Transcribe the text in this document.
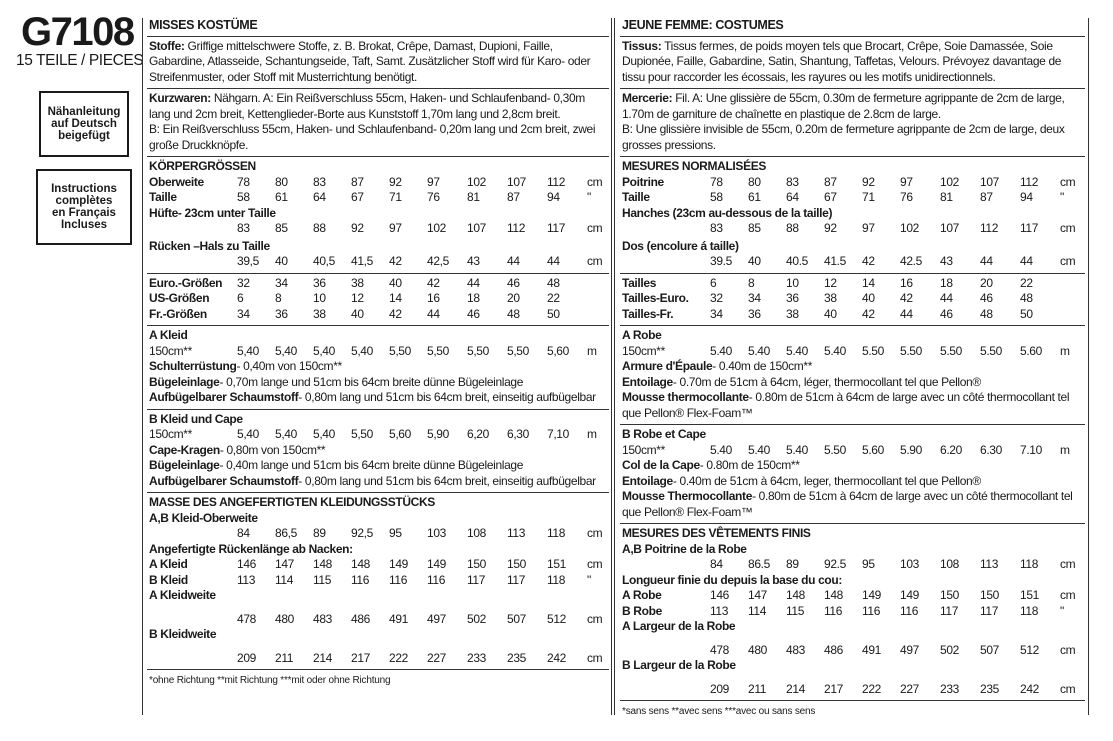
G7108
15 TEILE / PIECES
Nähanleitung
auf Deutsch
beigefügt
Instructions
complètes
en Français
Incluses
MISSES KOSTÜME
Stoffe: Griffige mittelschwere Stoffe, z. B. Brokat, Crêpe, Damast, Dupioni, Faille, Gabardine, Atlasseide, Schantungseide, Taft, Samt. Zusätzlicher Stoff wird für Karo- oder Streifenmuster, oder Stoff mit Musterrichtung benötigt.
Kurzwaren: Nähgarn. A: Ein Reißverschluss 55cm, Haken- und Schlaufenband- 0,30m lang und 2cm breit, Kettenglieder-Borte aus Kunststoff 1,70m lang und 2,8cm breit.
B: Ein Reißverschluss 55cm, Haken- und Schlaufenband- 0,20m lang und 2cm breit, zwei große Druckknöpfe.
KÖRPERGRÖSSEN
Oberweite	78	80	83	87	92	97	102	107	112	cm
Taille	58	61	64	67	71	76	81	87	94	"
Hüfte- 23cm unter Taille
83	85	88	92	97	102	107	112	117	cm
Rücken –Hals zu Taille
39,5	40	40,5	41,5	42	42,5	43	44	44	cm
Euro.-Größen	32	34	36	38	40	42	44	46	48
US-Größen	6	8	10	12	14	16	18	20	22
Fr.-Größen	34	36	38	40	42	44	46	48	50
A Kleid
150cm**	5,40	5,40	5,40	5,40	5,50	5,50	5,50	5,50	5,60	m
Schulterrüstung- 0,40m von 150cm**
Bügeleinlage- 0,70m lange und 51cm bis 64cm breite dünne Bügeleinlage
Aufbügelbarer Schaumstoff- 0,80m lang und 51cm bis 64cm breit, einseitig aufbügelbar
B Kleid und Cape
150cm**	5,40	5,40	5,40	5,50	5,60	5,90	6,20	6,30	7,10	m
Cape-Kragen- 0,80m von 150cm**
Bügeleinlage- 0,40m lange und 51cm bis 64cm breite dünne Bügeleinlage
Aufbügelbarer Schaumstoff- 0,80m lang und 51cm bis 64cm breit, einseitig aufbügelbar
MASSE DES ANGEFERTIGTEN KLEIDUNGSSTÜCKS
A,B Kleid-Oberweite
84	86,5	89	92,5	95	103	108	113	118	cm
Angefertigte Rückenlänge ab Nacken:
A Kleid	146	147	148	148	149	149	150	150	151	cm
B Kleid	113	114	115	116	116	116	117	117	118	"
A Kleidweite
478	480	483	486	491	497	502	507	512	cm
B Kleidweite
209	211	214	217	222	227	233	235	242	cm
*ohne Richtung **mit Richtung ***mit oder ohne Richtung
JEUNE FEMME: COSTUMES
Tissus: Tissus fermes, de poids moyen tels que Brocart, Crêpe, Soie Damassée, Soie Dupionée, Faille, Gabardine, Satin, Shantung, Taffetas, Velours. Prévoyez davantage de tissu pour raccorder les écossais, les rayures ou les motifs unidirectionnels.
Mercerie: Fil. A: Une glissière de 55cm, 0.30m de fermeture agrippante de 2cm de large, 1.70m de garniture de chaînette en plastique de 2.8cm de large.
B: Une glissière invisible de 55cm, 0.20m de fermeture agrippante de 2cm de large, deux grosses pressions.
MESURES NORMALISÉES
Poitrine	78	80	83	87	92	97	102	107	112	cm
Taille	58	61	64	67	71	76	81	87	94	"
Hanches (23cm au-dessous de la taille)
83	85	88	92	97	102	107	112	117	cm
Dos (encolure á taille)
39.5	40	40.5	41.5	42	42.5	43	44	44	cm
Tailles	6	8	10	12	14	16	18	20	22
Tailles-Euro.	32	34	36	38	40	42	44	46	48
Tailles-Fr.	34	36	38	40	42	44	46	48	50
A Robe
150cm**	5.40	5.40	5.40	5.40	5.50	5.50	5.50	5.50	5.60	m
Armure d'Épaule- 0.40m de 150cm**
Entoilage- 0.70m de 51cm à 64cm, léger, thermocollant tel que Pellon®
Mousse thermocollante- 0.80m de 51cm à 64cm de large avec un côté thermocollant tel que Pellon® Flex-Foam™
B Robe et Cape
150cm**	5.40	5.40	5.40	5.50	5.60	5.90	6.20	6.30	7.10	m
Col de la Cape- 0.80m de 150cm**
Entoilage- 0.40m de 51cm à 64cm, leger, thermocollant tel que Pellon®
Mousse Thermocollante- 0.80m de 51cm à 64cm de large avec un côté thermocollant tel que Pellon® Flex-Foam™
MESURES DES VÊTEMENTS FINIS
A,B Poitrine de la Robe
84	86.5	89	92.5	95	103	108	113	118	cm
Longueur finie du depuis la base du cou:
A Robe	146	147	148	148	149	149	150	150	151	cm
B Robe	113	114	115	116	116	116	117	117	118	"
A Largeur de la Robe
478	480	483	486	491	497	502	507	512	cm
B Largeur de la Robe
209	211	214	217	222	227	233	235	242	cm
*sans sens **avec sens ***avec ou sans sens
